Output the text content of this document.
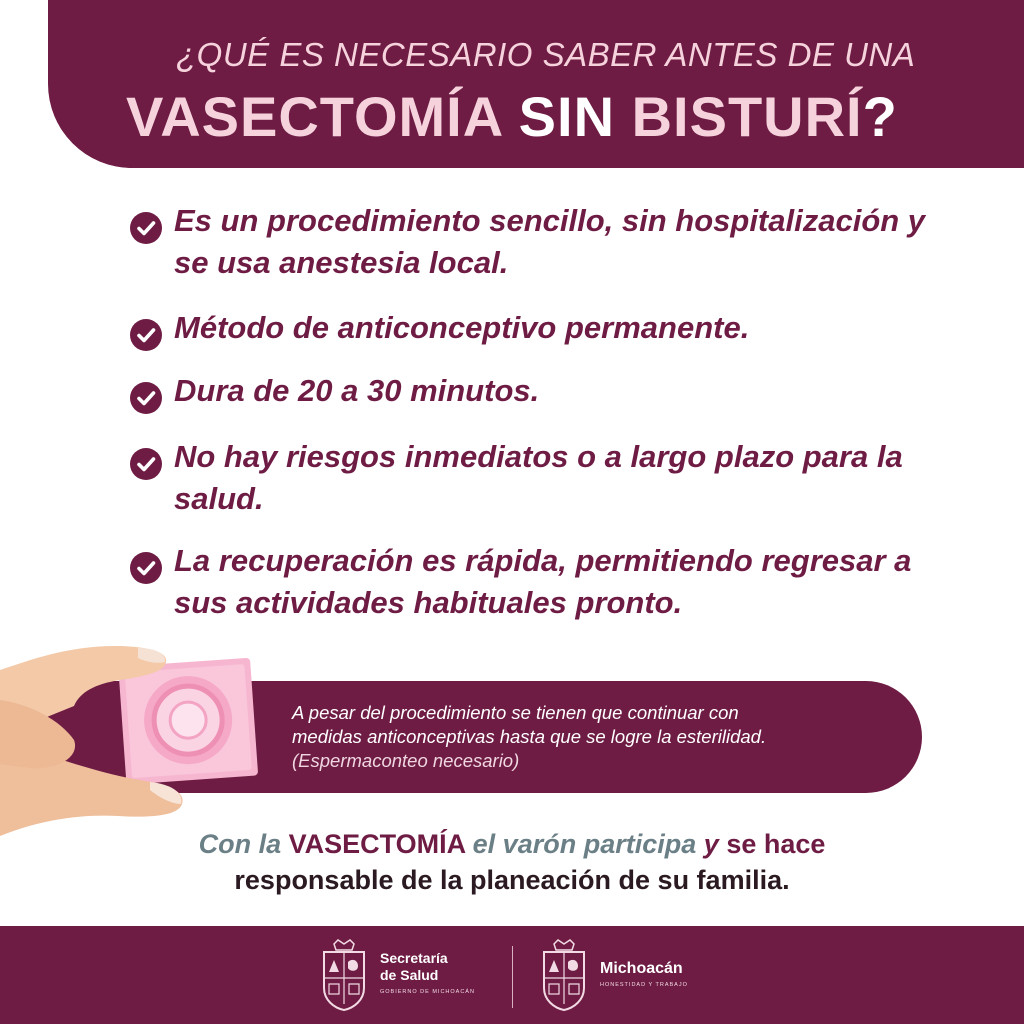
¿QUÉ ES NECESARIO SABER ANTES DE UNA
VASECTOMÍA SIN BISTURÍ?
Es un procedimiento sencillo, sin hospitalización y se usa anestesia local.
Método de anticonceptivo permanente.
Dura de 20 a 30 minutos.
No hay riesgos inmediatos o a largo plazo para la salud.
La recuperación es rápida, permitiendo regresar a sus actividades habituales pronto.
A pesar del procedimiento se tienen que continuar con
medidas anticonceptivas hasta que se logre la esterilidad.
(Espermaconteo necesario)
Con la VASECTOMÍA el varón participa y se hace
responsable de la planeación de su familia.
Secretaría
de Salud
GOBIERNO DE MICHOACÁN
Michoacán
HONESTIDAD Y TRABAJO
